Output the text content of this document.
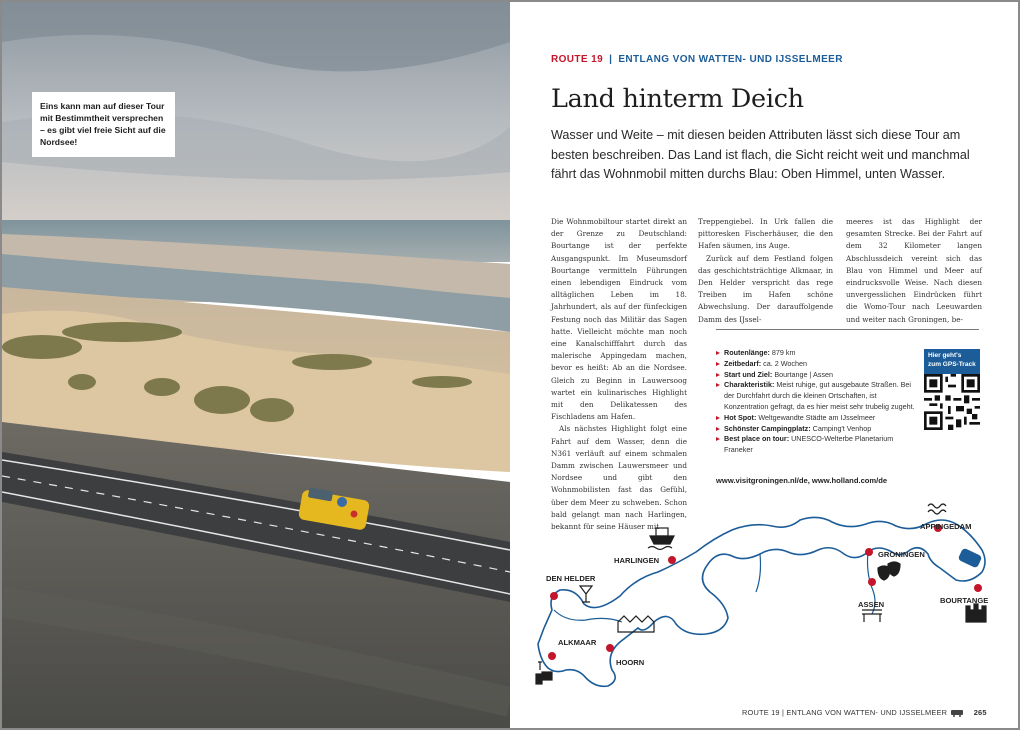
Eins kann man auf dieser Tour mit Bestimmtheit versprechen – es gibt viel freie Sicht auf die Nordsee!
ROUTE 19 | ENTLANG VON WATTEN- UND IJSSELMEER
Land hinterm Deich
Wasser und Weite – mit diesen beiden Attributen lässt sich diese Tour am besten beschreiben. Das Land ist flach, die Sicht reicht weit und manchmal fährt das Wohnmobil mitten durchs Blau: Oben Himmel, unten Wasser.

Die Wohnmobiltour startet direkt an der Grenze zu Deutschland: Bourtange ist der perfekte Ausgangspunkt. Im Museumsdorf Bourtange vermitteln Führungen einen lebendigen Eindruck vom alltäglichen Leben im 18. Jahrhundert, als auf der fünfeckigen Festung noch das Militär das Sagen hatte. Vielleicht möchte man noch eine Kanalschifffahrt durch das malerische Appingedam machen, bevor es heißt: Ab an die Nordsee. Gleich zu Beginn in Lauwersoog wartet ein kulinarisches Highlight mit den Delikatessen des Fischladens am Hafen.

Als nächstes Highlight folgt eine Fahrt auf dem Wasser, denn die N361 verläuft auf einem schmalen Damm zwischen Lauwersmeer und Nordsee und gibt den Wohnmobilisten fast das Gefühl, über dem Meer zu schweben. Schon bald gelangt man nach Harlingen, bekannt für seine Häuser mit

Treppengiebel. In Urk fallen die pittoresken Fischerhäuser, die den Hafen säumen, ins Auge.

Zurück auf dem Festland folgen das geschichtsträchtige Alkmaar, in Den Helder verspricht das rege Treiben im Hafen schöne Abwechslung. Der darauffolgende Damm des IJssel-

meeres ist das Highlight der gesamten Strecke. Bei der Fahrt auf dem 32 Kilometer langen Abschlussdeich vereint sich das Blau von Himmel und Meer auf eindrucksvolle Weise. Nach diesen unvergesslichen Eindrücken führt die Womo-Tour nach Leeuwarden und weiter nach Groningen, be-

Routenlänge: 879 km
Zeitbedarf: ca. 2 Wochen
Start und Ziel: Bourtange | Assen
Charakteristik: Meist ruhige, gut ausgebaute Straßen. Bei der Durchfahrt durch die kleinen Ortschaften, ist Konzentration gefragt, da es hier meist sehr trubelig zugeht.
Hot Spot: Weltgewandte Städte am IJsselmeer
Schönster Campingplatz: Camping't Venhop
Best place on tour: UNESCO-Welterbe Planetarium Franeker
Hier geht's zum GPS-Track
www.visitgroningen.nl/de, www.holland.com/de
APPINGEDAM
GRONINGEN
HARLINGEN
DEN HELDER
ASSEN	BOURTANGE
ALKMAAR
HOORN
ROUTE 19 | ENTLANG VON WATTEN- UND IJSSELMEER	265
